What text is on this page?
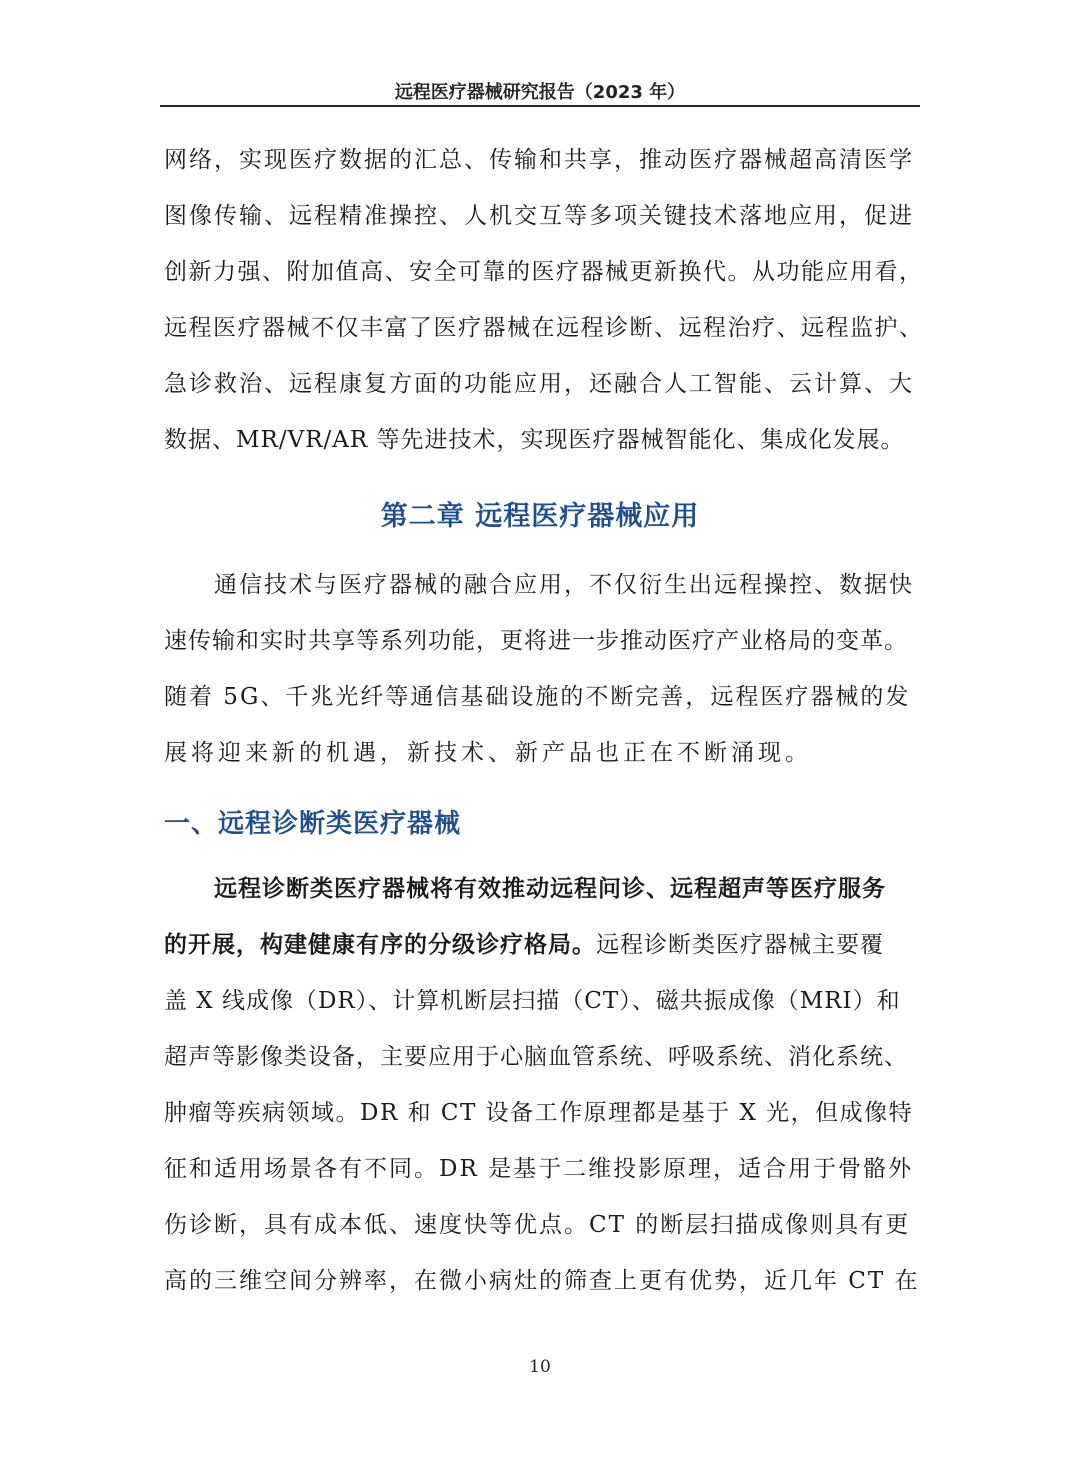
远程医疗器械研究报告（2023 年）
网络，实现医疗数据的汇总、传输和共享，推动医疗器械超高清医学
图像传输、远程精准操控、人机交互等多项关键技术落地应用，促进
创新力强、附加值高、安全可靠的医疗器械更新换代。从功能应用看，
远程医疗器械不仅丰富了医疗器械在远程诊断、远程治疗、远程监护、
急诊救治、远程康复方面的功能应用，还融合人工智能、云计算、大
数据、MR/VR/AR 等先进技术，实现医疗器械智能化、集成化发展。
第二章 远程医疗器械应用
通信技术与医疗器械的融合应用，不仅衍生出远程操控、数据快
速传输和实时共享等系列功能，更将进一步推动医疗产业格局的变革。
随着 5G、千兆光纤等通信基础设施的不断完善，远程医疗器械的发
展将迎来新的机遇，新技术、新产品也正在不断涌现。
一、远程诊断类医疗器械
远程诊断类医疗器械将有效推动远程问诊、远程超声等医疗服务
的开展，构建健康有序的分级诊疗格局。远程诊断类医疗器械主要覆
盖 X 线成像（DR）、计算机断层扫描（CT）、磁共振成像（MRI）和
超声等影像类设备，主要应用于心脑血管系统、呼吸系统、消化系统、
肿瘤等疾病领域。DR 和 CT 设备工作原理都是基于 X 光，但成像特
征和适用场景各有不同。DR 是基于二维投影原理，适合用于骨骼外
伤诊断，具有成本低、速度快等优点。CT 的断层扫描成像则具有更
高的三维空间分辨率，在微小病灶的筛查上更有优势，近几年 CT 在
10
